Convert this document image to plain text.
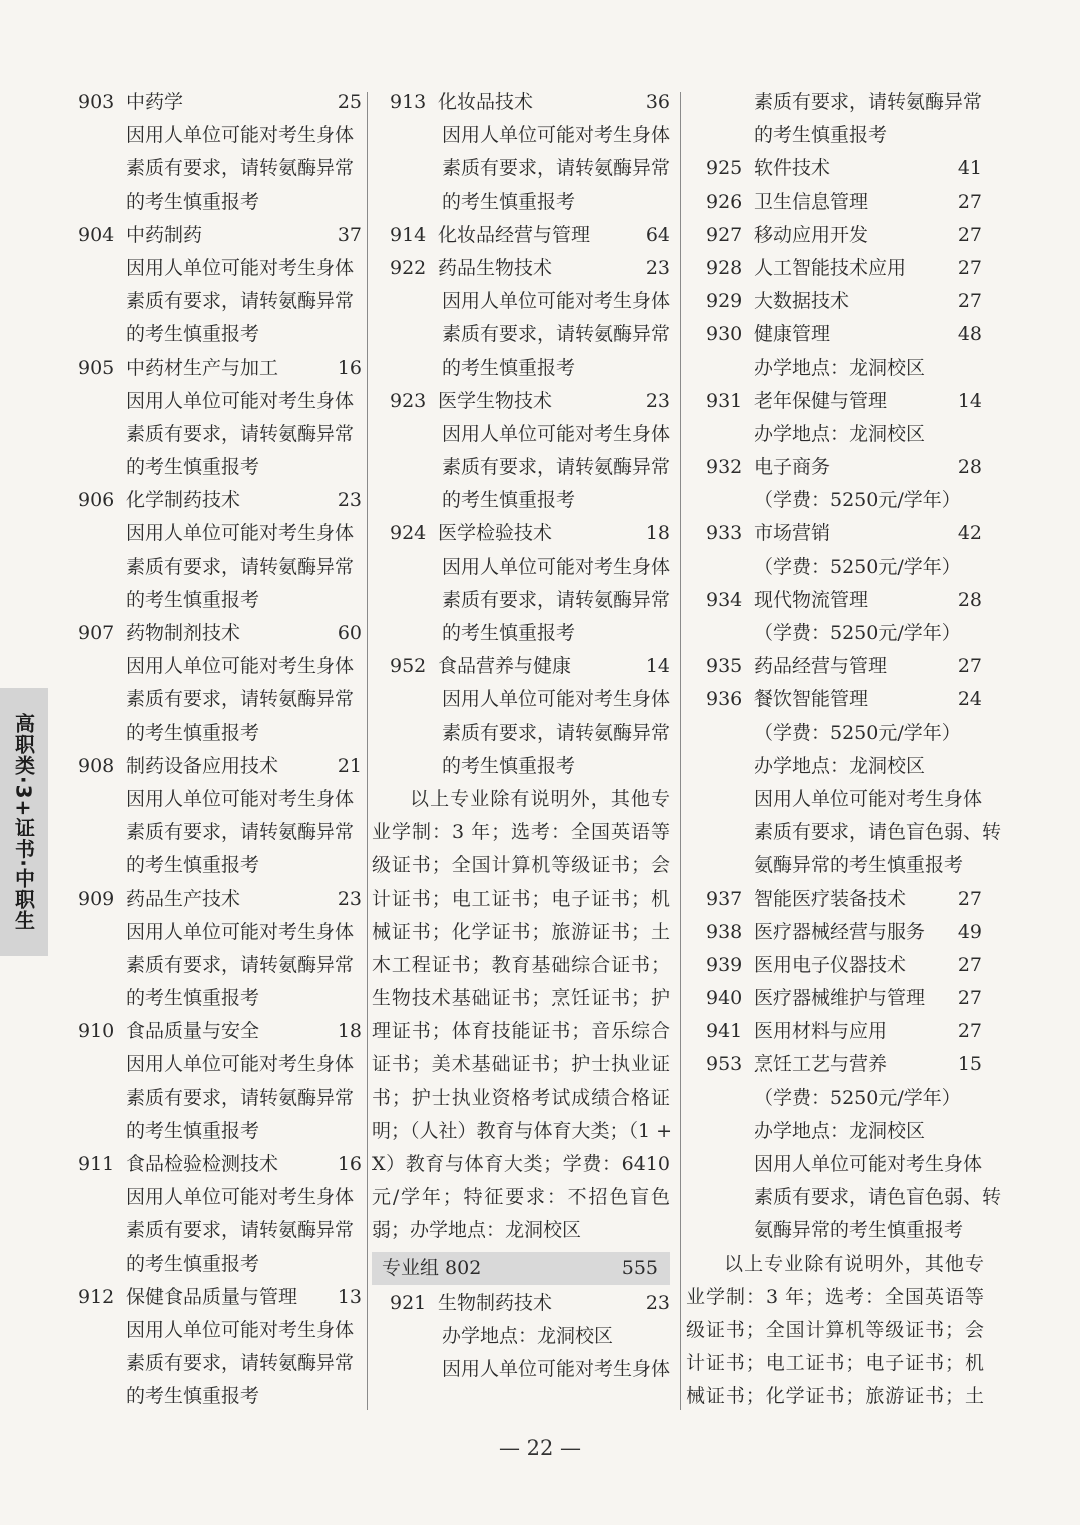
903 中药学	25
因用人单位可能对考生身体
素质有要求，请转氨酶异常
的考生慎重报考
904 中药制药	37
因用人单位可能对考生身体
素质有要求，请转氨酶异常
的考生慎重报考
905 中药材生产与加工	16
因用人单位可能对考生身体
素质有要求，请转氨酶异常
的考生慎重报考
906 化学制药技术	23
因用人单位可能对考生身体
素质有要求，请转氨酶异常
的考生慎重报考
907 药物制剂技术	60
因用人单位可能对考生身体
素质有要求，请转氨酶异常
的考生慎重报考
908 制药设备应用技术	21
因用人单位可能对考生身体
素质有要求，请转氨酶异常
的考生慎重报考
909 药品生产技术	23
因用人单位可能对考生身体
素质有要求，请转氨酶异常
的考生慎重报考
910 食品质量与安全	18
因用人单位可能对考生身体
素质有要求，请转氨酶异常
的考生慎重报考
911 食品检验检测技术	16
因用人单位可能对考生身体
素质有要求，请转氨酶异常
的考生慎重报考
912 保健食品质量与管理	13
因用人单位可能对考生身体
素质有要求，请转氨酶异常
的考生慎重报考
913 化妆品技术	36
因用人单位可能对考生身体
素质有要求，请转氨酶异常
的考生慎重报考
914 化妆品经营与管理	64
922 药品生物技术	23
因用人单位可能对考生身体
素质有要求，请转氨酶异常
的考生慎重报考
923 医学生物技术	23
因用人单位可能对考生身体
素质有要求，请转氨酶异常
的考生慎重报考
924 医学检验技术	18
因用人单位可能对考生身体
素质有要求，请转氨酶异常
的考生慎重报考
952 食品营养与健康	14
因用人单位可能对考生身体
素质有要求，请转氨酶异常
的考生慎重报考
以上专业除有说明外，其他专
业学制：3 年；选考：全国英语等
级证书；全国计算机等级证书；会
计证书；电工证书；电子证书；机
械证书；化学证书；旅游证书；土
木工程证书；教育基础综合证书；
生物技术基础证书；烹饪证书；护
理证书；体育技能证书；音乐综合
证书；美术基础证书；护士执业证
书；护士执业资格考试成绩合格证
明；（人社）教育与体育大类；（1 +
X）教育与体育大类；学费：6410
元/学年；特征要求：不招色盲色
弱；办学地点：龙洞校区
专业组 802	555
921 生物制药技术	23
办学地点：龙洞校区
因用人单位可能对考生身体
素质有要求，请转氨酶异常
的考生慎重报考
925 软件技术	41
926 卫生信息管理	27
927 移动应用开发	27
928 人工智能技术应用	27
929 大数据技术	27
930 健康管理	48
办学地点：龙洞校区
931 老年保健与管理	14
办学地点：龙洞校区
932 电子商务	28
（学费：5250元/学年）
933 市场营销	42
（学费：5250元/学年）
934 现代物流管理	28
（学费：5250元/学年）
935 药品经营与管理	27
936 餐饮智能管理	24
（学费：5250元/学年）
办学地点：龙洞校区
因用人单位可能对考生身体
素质有要求，请色盲色弱、转
氨酶异常的考生慎重报考
937 智能医疗装备技术	27
938 医疗器械经营与服务	49
939 医用电子仪器技术	27
940 医疗器械维护与管理	27
941 医用材料与应用	27
953 烹饪工艺与营养	15
（学费：5250元/学年）
办学地点：龙洞校区
因用人单位可能对考生身体
素质有要求，请色盲色弱、转
氨酶异常的考生慎重报考
以上专业除有说明外，其他专
业学制：3 年；选考：全国英语等
级证书；全国计算机等级证书；会
计证书；电工证书；电子证书；机
械证书；化学证书；旅游证书；土
高职类·3+证书·中职生
— 22 —
